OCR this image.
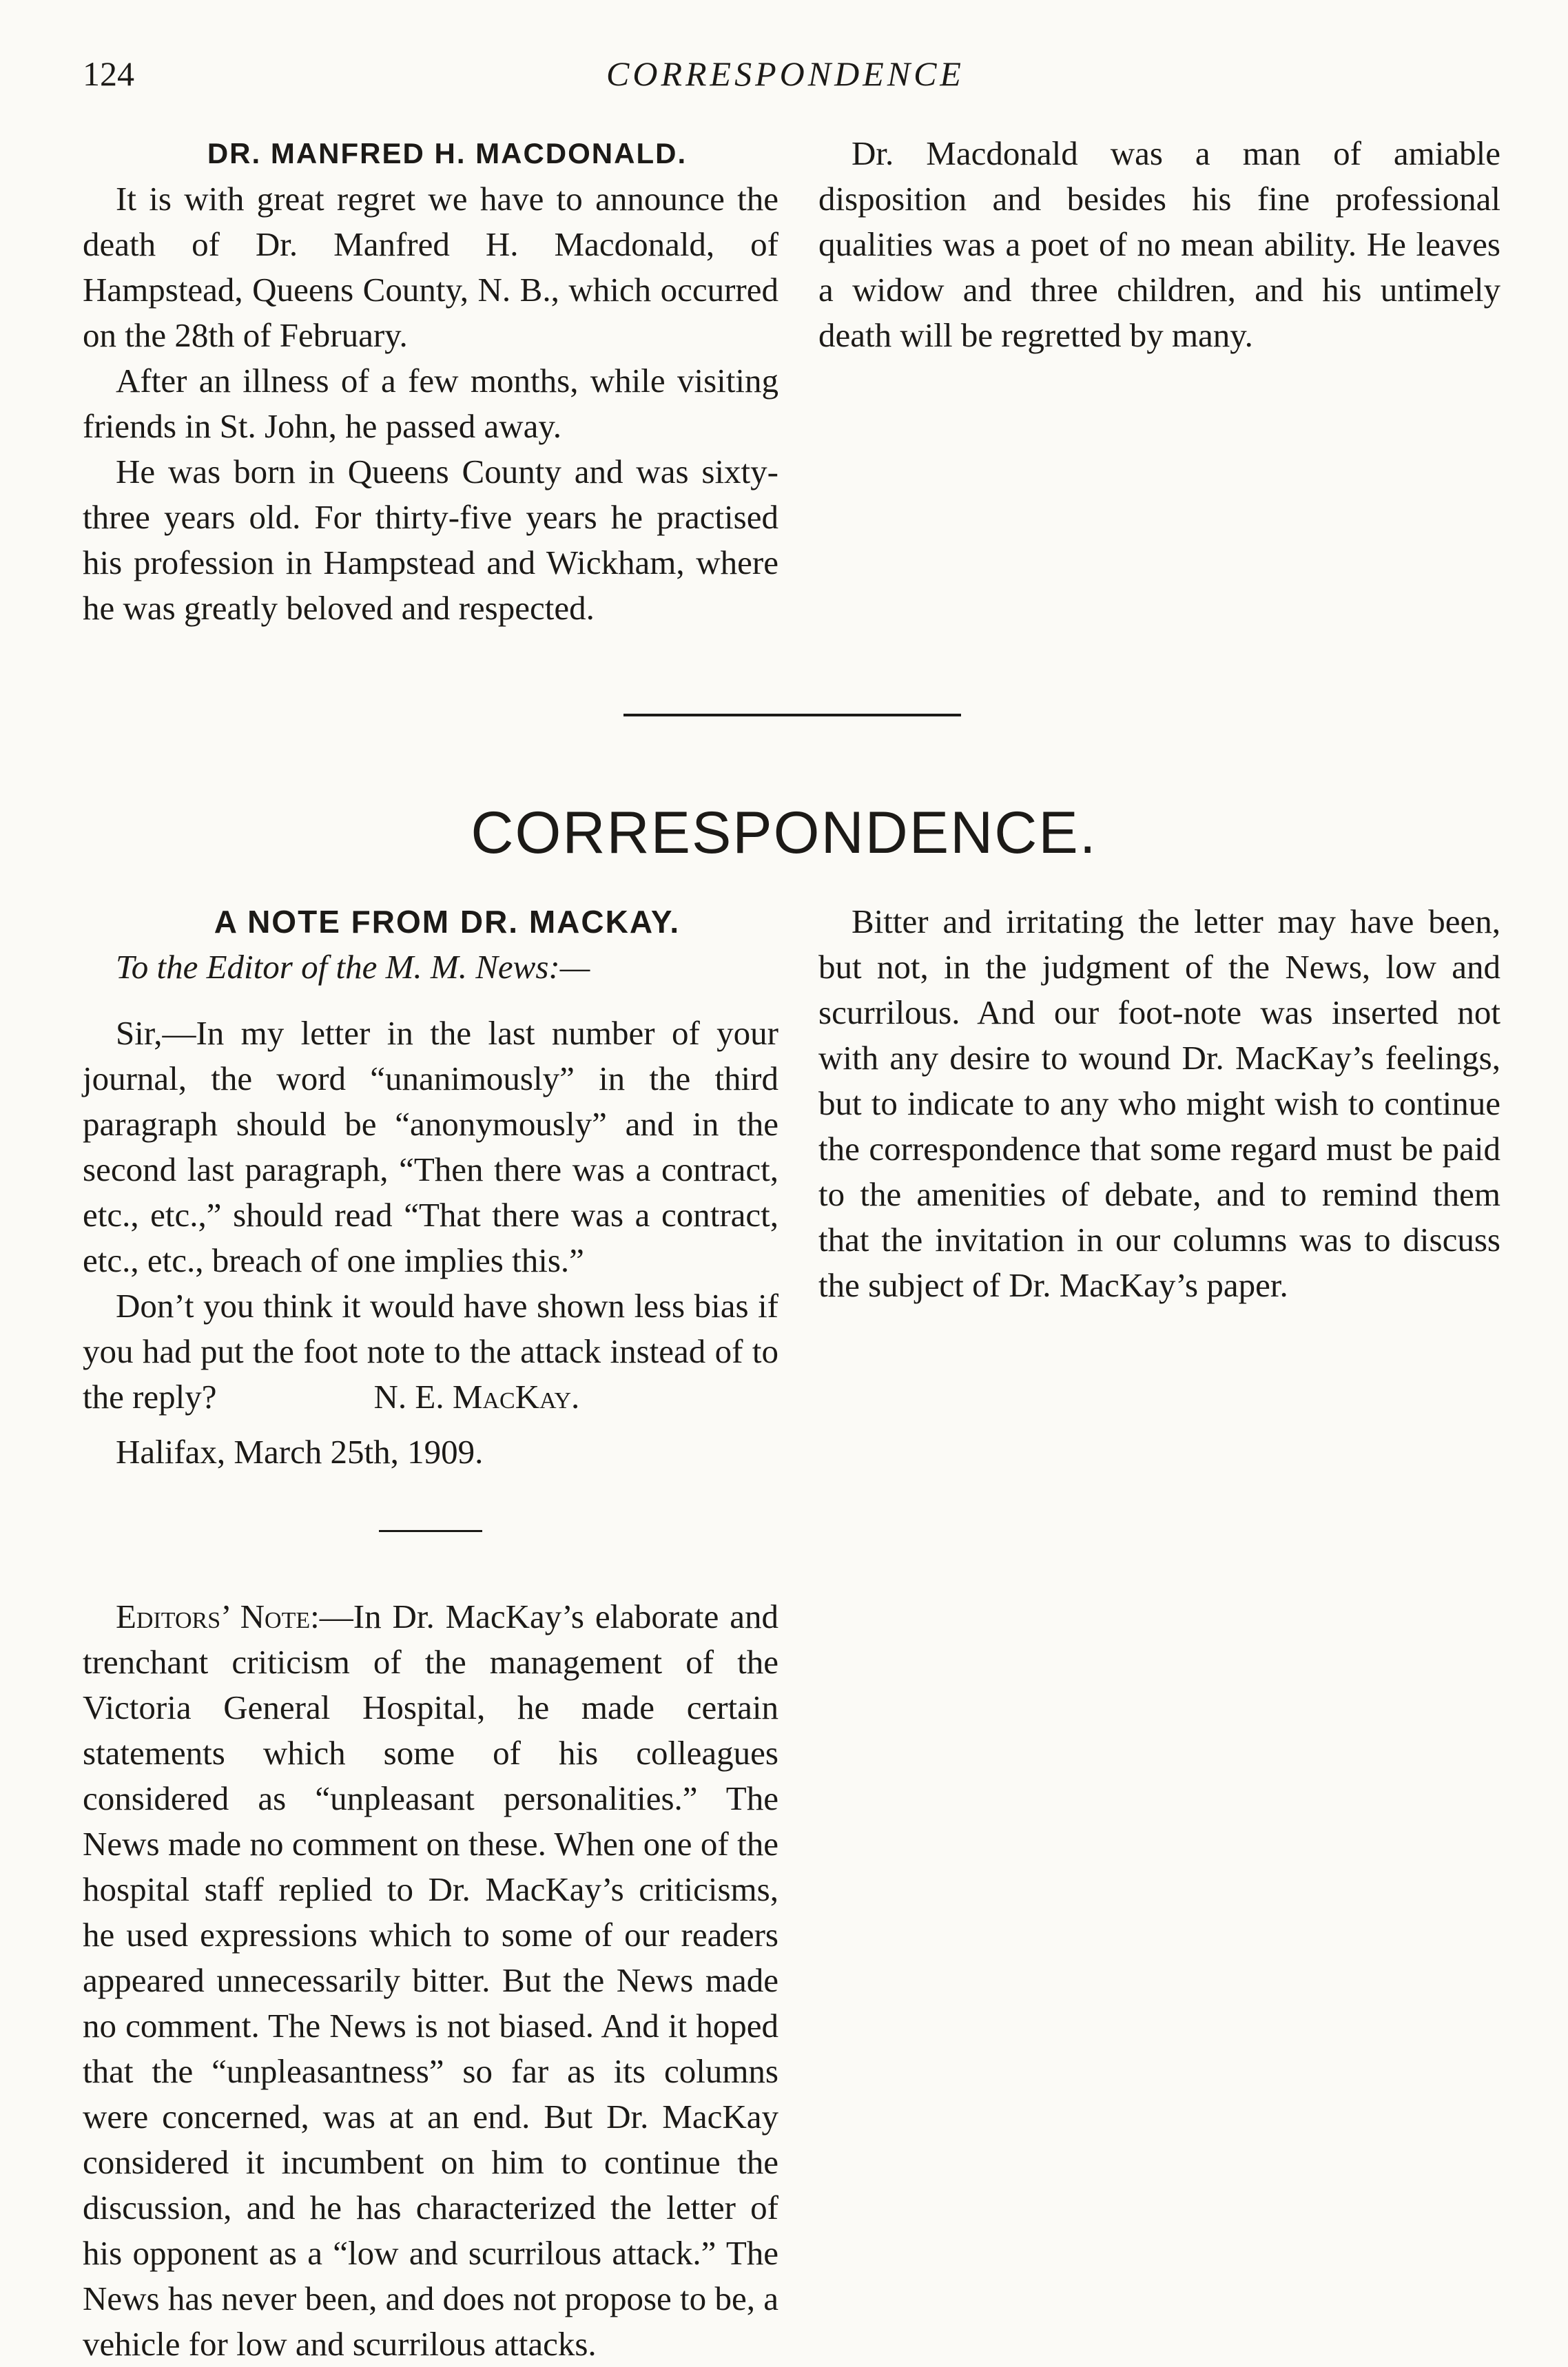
124	CORRESPONDENCE

DR. MANFRED H. MACDONALD.

It is with great regret we have to announce the death of Dr. Manfred H. Macdonald, of Hampstead, Queens County, N. B., which occurred on the 28th of February.

After an illness of a few months, while visiting friends in St. John, he passed away.

He was born in Queens County and was sixty-three years old. For thirty-five years he practised his profession in Hampstead and Wickham, where he was greatly beloved and respected.

Dr. Macdonald was a man of amiable disposition and besides his fine professional qualities was a poet of no mean ability. He leaves a widow and three children, and his untimely death will be regretted by many.

CORRESPONDENCE.

A NOTE FROM DR. MACKAY.

To the Editor of the M. M. News:—

Sir,—In my letter in the last number of your journal, the word “unanimously” in the third paragraph should be “anonymously” and in the second last paragraph, “Then there was a contract, etc., etc.,” should read “That there was a contract, etc., etc., breach of one implies this.”

Don’t you think it would have shown less bias if you had put the foot note to the attack instead of to the reply?	N. E. MacKay.

Halifax, March 25th, 1909.

Editors’ Note:—In Dr. MacKay’s elaborate and trenchant criticism of the management of the Victoria General Hospital, he made certain statements which some of his colleagues considered as “unpleasant personalities.” The News made no comment on these. When one of the hospital staff replied to Dr. MacKay’s criticisms, he used expressions which to some of our readers appeared unnecessarily bitter. But the News made no comment. The News is not biased. And it hoped that the “unpleasantness” so far as its columns were concerned, was at an end. But Dr. MacKay considered it incumbent on him to continue the discussion, and he has characterized the letter of his opponent as a “low and scurrilous attack.” The News has never been, and does not propose to be, a vehicle for low and scurrilous attacks.

Bitter and irritating the letter may have been, but not, in the judgment of the News, low and scurrilous. And our foot-note was inserted not with any desire to wound Dr. MacKay’s feelings, but to indicate to any who might wish to continue the correspondence that some regard must be paid to the amenities of debate, and to remind them that the invitation in our columns was to discuss the subject of Dr. MacKay’s paper.
